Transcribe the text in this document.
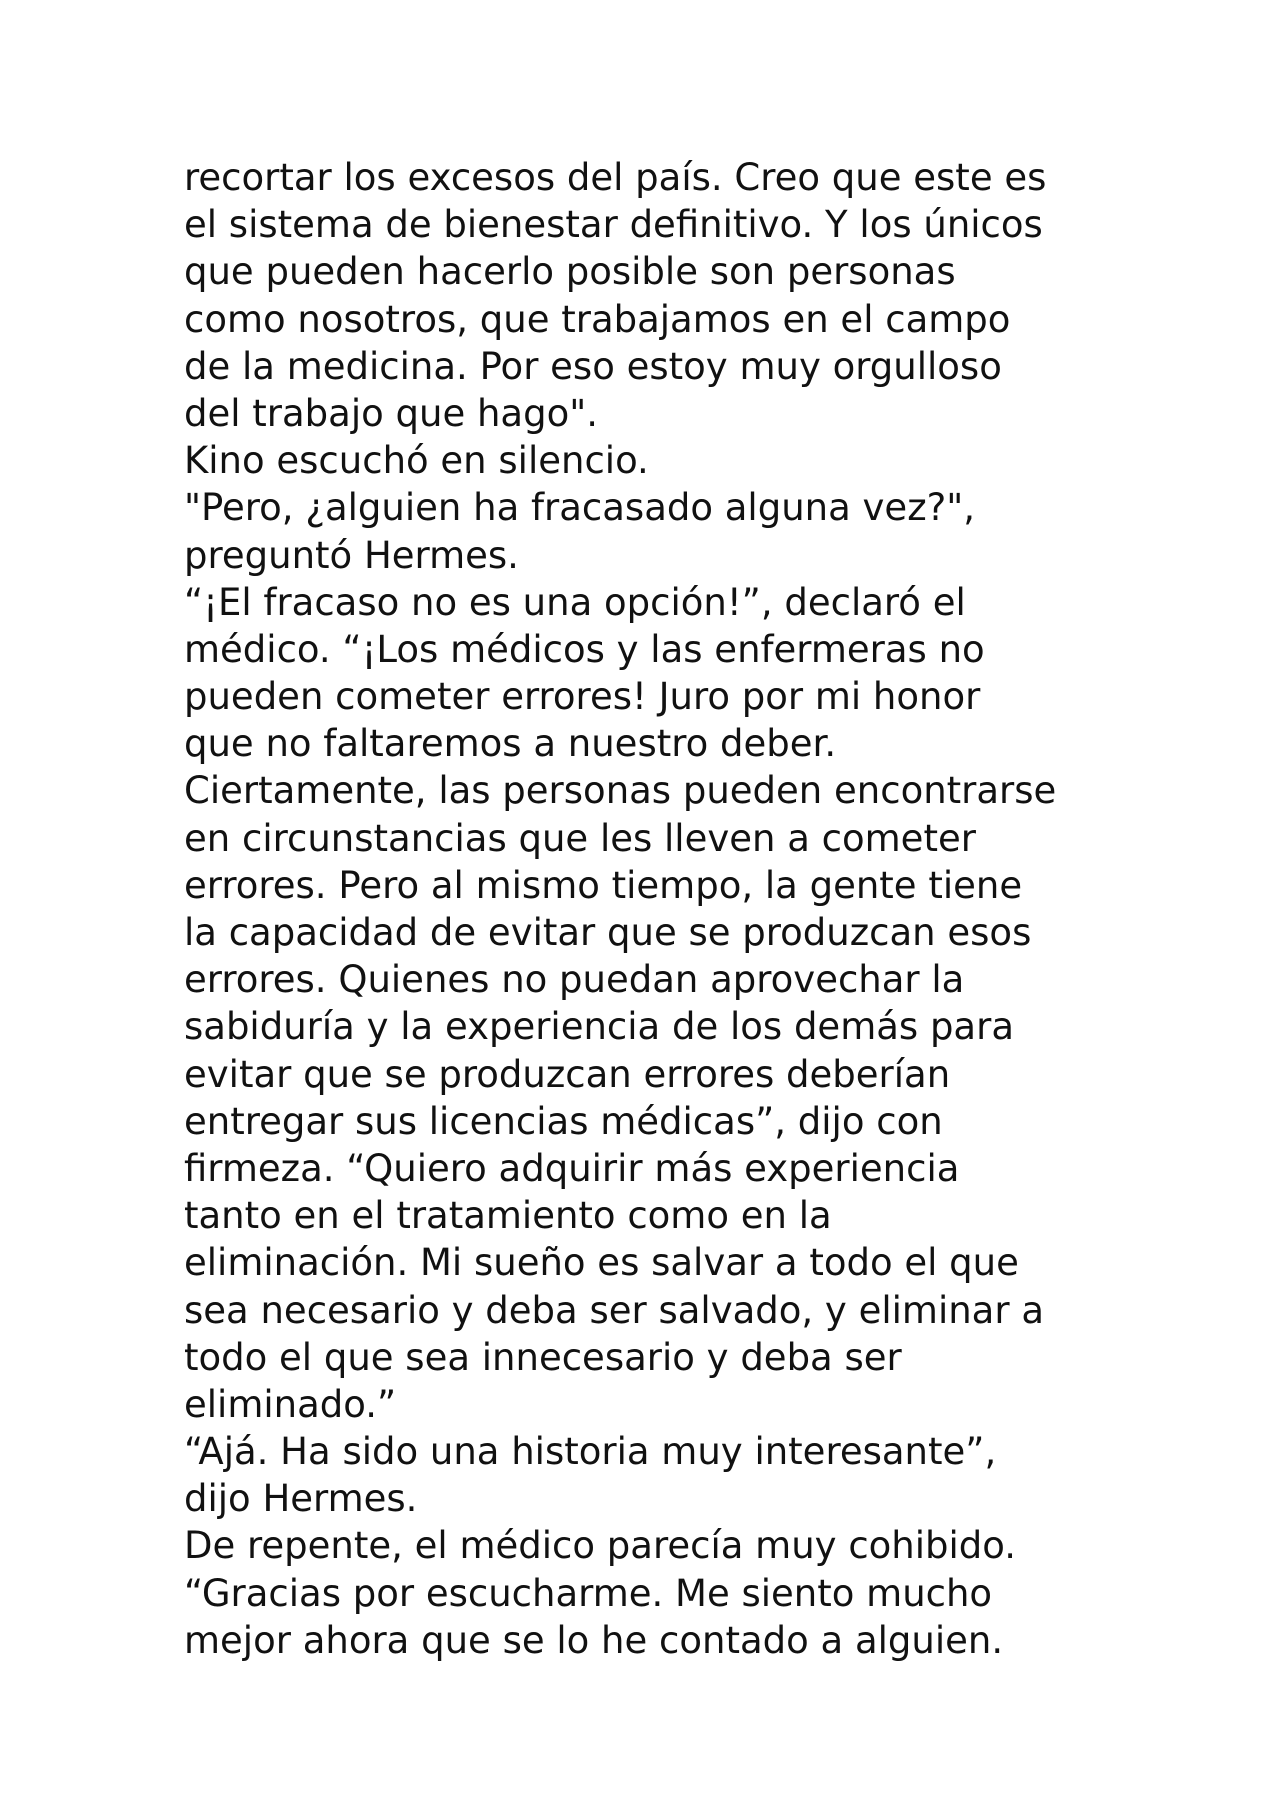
recortar los excesos del país. Creo que este es
el sistema de bienestar definitivo. Y los únicos
que pueden hacerlo posible son personas
como nosotros, que trabajamos en el campo
de la medicina. Por eso estoy muy orgulloso
del trabajo que hago".
Kino escuchó en silencio.
"Pero, ¿alguien ha fracasado alguna vez?",
preguntó Hermes.
“¡El fracaso no es una opción!”, declaró el
médico. “¡Los médicos y las enfermeras no
pueden cometer errores! Juro por mi honor
que no faltaremos a nuestro deber.
Ciertamente, las personas pueden encontrarse
en circunstancias que les lleven a cometer
errores. Pero al mismo tiempo, la gente tiene
la capacidad de evitar que se produzcan esos
errores. Quienes no puedan aprovechar la
sabiduría y la experiencia de los demás para
evitar que se produzcan errores deberían
entregar sus licencias médicas”, dijo con
firmeza. “Quiero adquirir más experiencia
tanto en el tratamiento como en la
eliminación. Mi sueño es salvar a todo el que
sea necesario y deba ser salvado, y eliminar a
todo el que sea innecesario y deba ser
eliminado.”
“Ajá. Ha sido una historia muy interesante”,
dijo Hermes.
De repente, el médico parecía muy cohibido.
“Gracias por escucharme. Me siento mucho
mejor ahora que se lo he contado a alguien.
